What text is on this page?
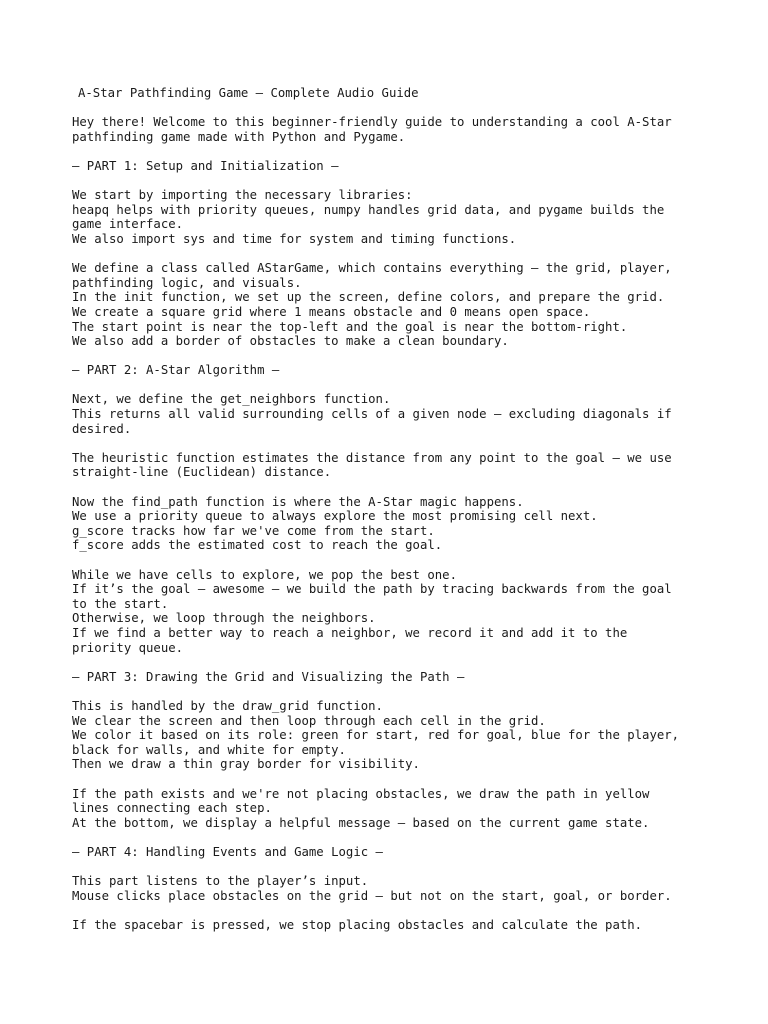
A-Star Pathfinding Game — Complete Audio Guide
Hey there! Welcome to this beginner-friendly guide to understanding a cool A-Star
pathfinding game made with Python and Pygame.
— PART 1: Setup and Initialization —
We start by importing the necessary libraries:
heapq helps with priority queues, numpy handles grid data, and pygame builds the
game interface.
We also import sys and time for system and timing functions.
We define a class called AStarGame, which contains everything — the grid, player,
pathfinding logic, and visuals.
In the init function, we set up the screen, define colors, and prepare the grid.
We create a square grid where 1 means obstacle and 0 means open space.
The start point is near the top-left and the goal is near the bottom-right.
We also add a border of obstacles to make a clean boundary.
— PART 2: A-Star Algorithm —
Next, we define the get_neighbors function.
This returns all valid surrounding cells of a given node — excluding diagonals if
desired.
The heuristic function estimates the distance from any point to the goal — we use
straight-line (Euclidean) distance.
Now the find_path function is where the A-Star magic happens.
We use a priority queue to always explore the most promising cell next.
g_score tracks how far we've come from the start.
f_score adds the estimated cost to reach the goal.
While we have cells to explore, we pop the best one.
If it’s the goal — awesome — we build the path by tracing backwards from the goal
to the start.
Otherwise, we loop through the neighbors.
If we find a better way to reach a neighbor, we record it and add it to the
priority queue.
— PART 3: Drawing the Grid and Visualizing the Path —
This is handled by the draw_grid function.
We clear the screen and then loop through each cell in the grid.
We color it based on its role: green for start, red for goal, blue for the player,
black for walls, and white for empty.
Then we draw a thin gray border for visibility.
If the path exists and we're not placing obstacles, we draw the path in yellow
lines connecting each step.
At the bottom, we display a helpful message — based on the current game state.
— PART 4: Handling Events and Game Logic —
This part listens to the player’s input.
Mouse clicks place obstacles on the grid — but not on the start, goal, or border.
If the spacebar is pressed, we stop placing obstacles and calculate the path.
